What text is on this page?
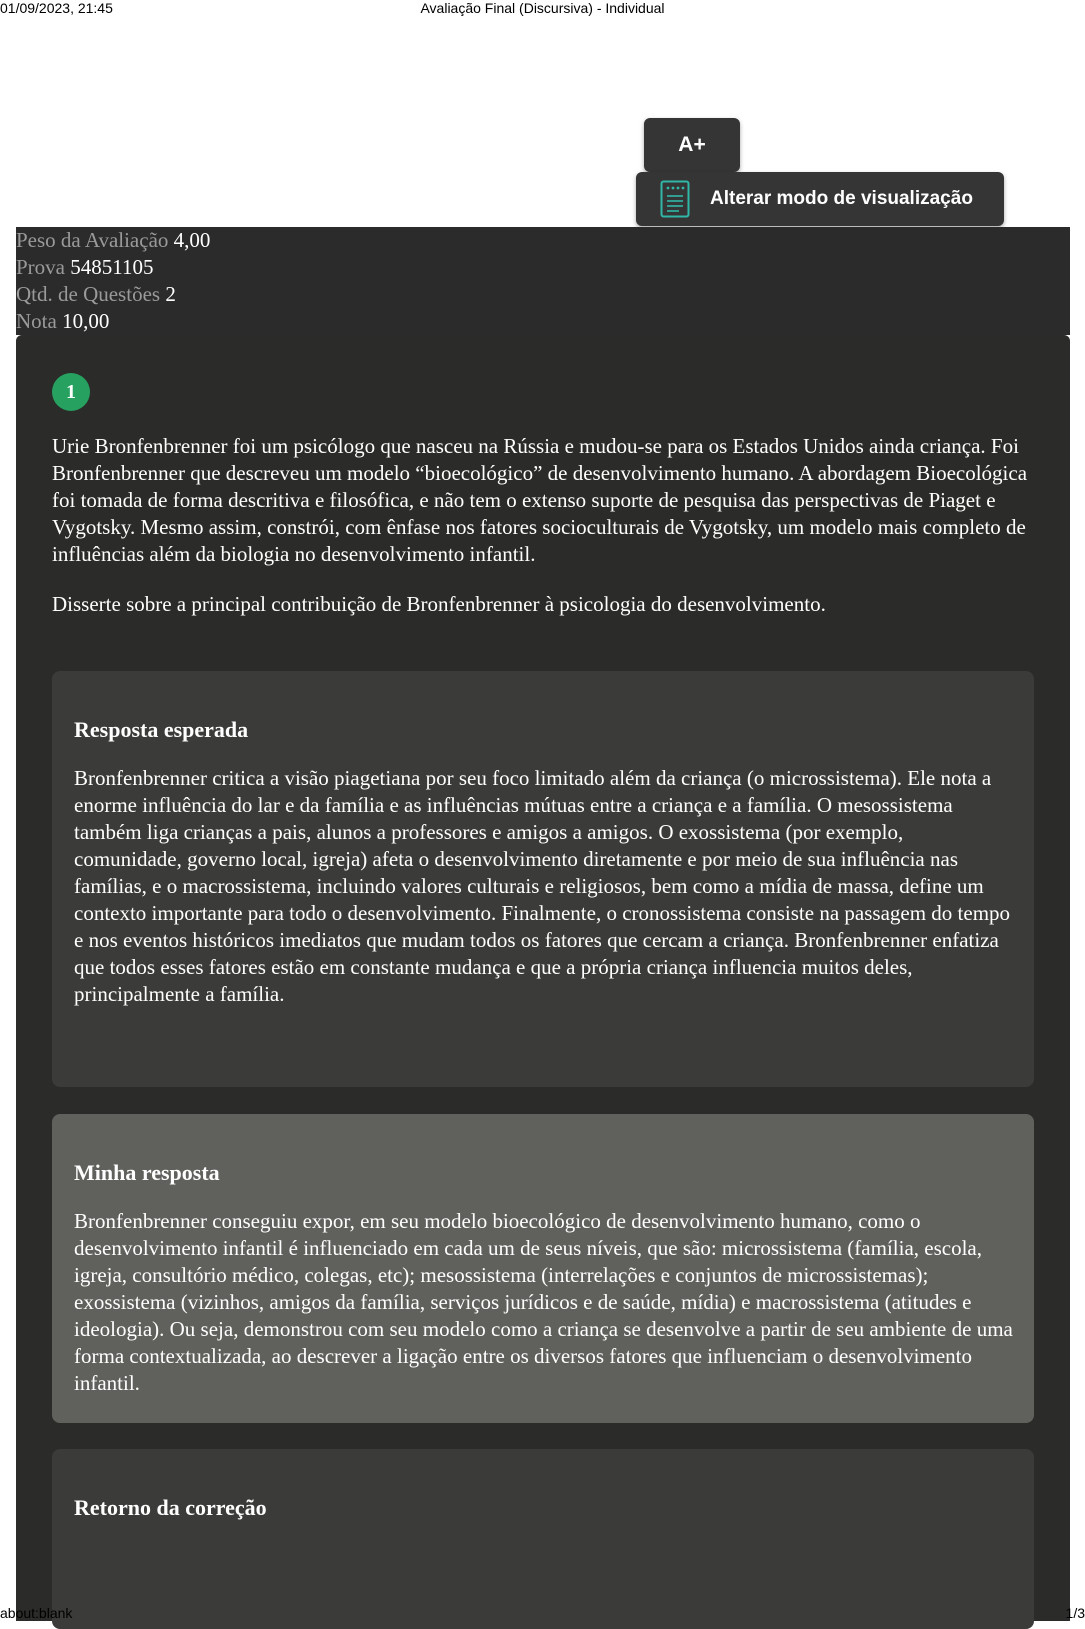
01/09/2023, 21:45	Avaliação Final (Discursiva) - Individual
A+
Alterar modo de visualização
Peso da Avaliação 4,00
Prova 54851105
Qtd. de Questões 2
Nota 10,00
1

Urie Bronfenbrenner foi um psicólogo que nasceu na Rússia e mudou-se para os Estados Unidos ainda criança. Foi Bronfenbrenner que descreveu um modelo “bioecológico” de desenvolvimento humano. A abordagem Bioecológica foi tomada de forma descritiva e filosófica, e não tem o extenso suporte de pesquisa das perspectivas de Piaget e Vygotsky. Mesmo assim, constrói, com ênfase nos fatores socioculturais de Vygotsky, um modelo mais completo de influências além da biologia no desenvolvimento infantil.

Disserte sobre a principal contribuição de Bronfenbrenner à psicologia do desenvolvimento.

Resposta esperada
Bronfenbrenner critica a visão piagetiana por seu foco limitado além da criança (o microssistema). Ele nota a enorme influência do lar e da família e as influências mútuas entre a criança e a família. O mesossistema também liga crianças a pais, alunos a professores e amigos a amigos. O exossistema (por exemplo, comunidade, governo local, igreja) afeta o desenvolvimento diretamente e por meio de sua influência nas famílias, e o macrossistema, incluindo valores culturais e religiosos, bem como a mídia de massa, define um contexto importante para todo o desenvolvimento. Finalmente, o cronossistema consiste na passagem do tempo e nos eventos históricos imediatos que mudam todos os fatores que cercam a criança. Bronfenbrenner enfatiza que todos esses fatores estão em constante mudança e que a própria criança influencia muitos deles, principalmente a família.
Minha resposta
Bronfenbrenner conseguiu expor, em seu modelo bioecológico de desenvolvimento humano, como o desenvolvimento infantil é influenciado em cada um de seus níveis, que são: microssistema (família, escola, igreja, consultório médico, colegas, etc); mesossistema (interrelações e conjuntos de microssistemas); exossistema (vizinhos, amigos da família, serviços jurídicos e de saúde, mídia) e macrossistema (atitudes e ideologia). Ou seja, demonstrou com seu modelo como a criança se desenvolve a partir de seu ambiente de uma forma contextualizada, ao descrever a ligação entre os diversos fatores que influenciam o desenvolvimento infantil.
Retorno da correção
about:blank	1/3
